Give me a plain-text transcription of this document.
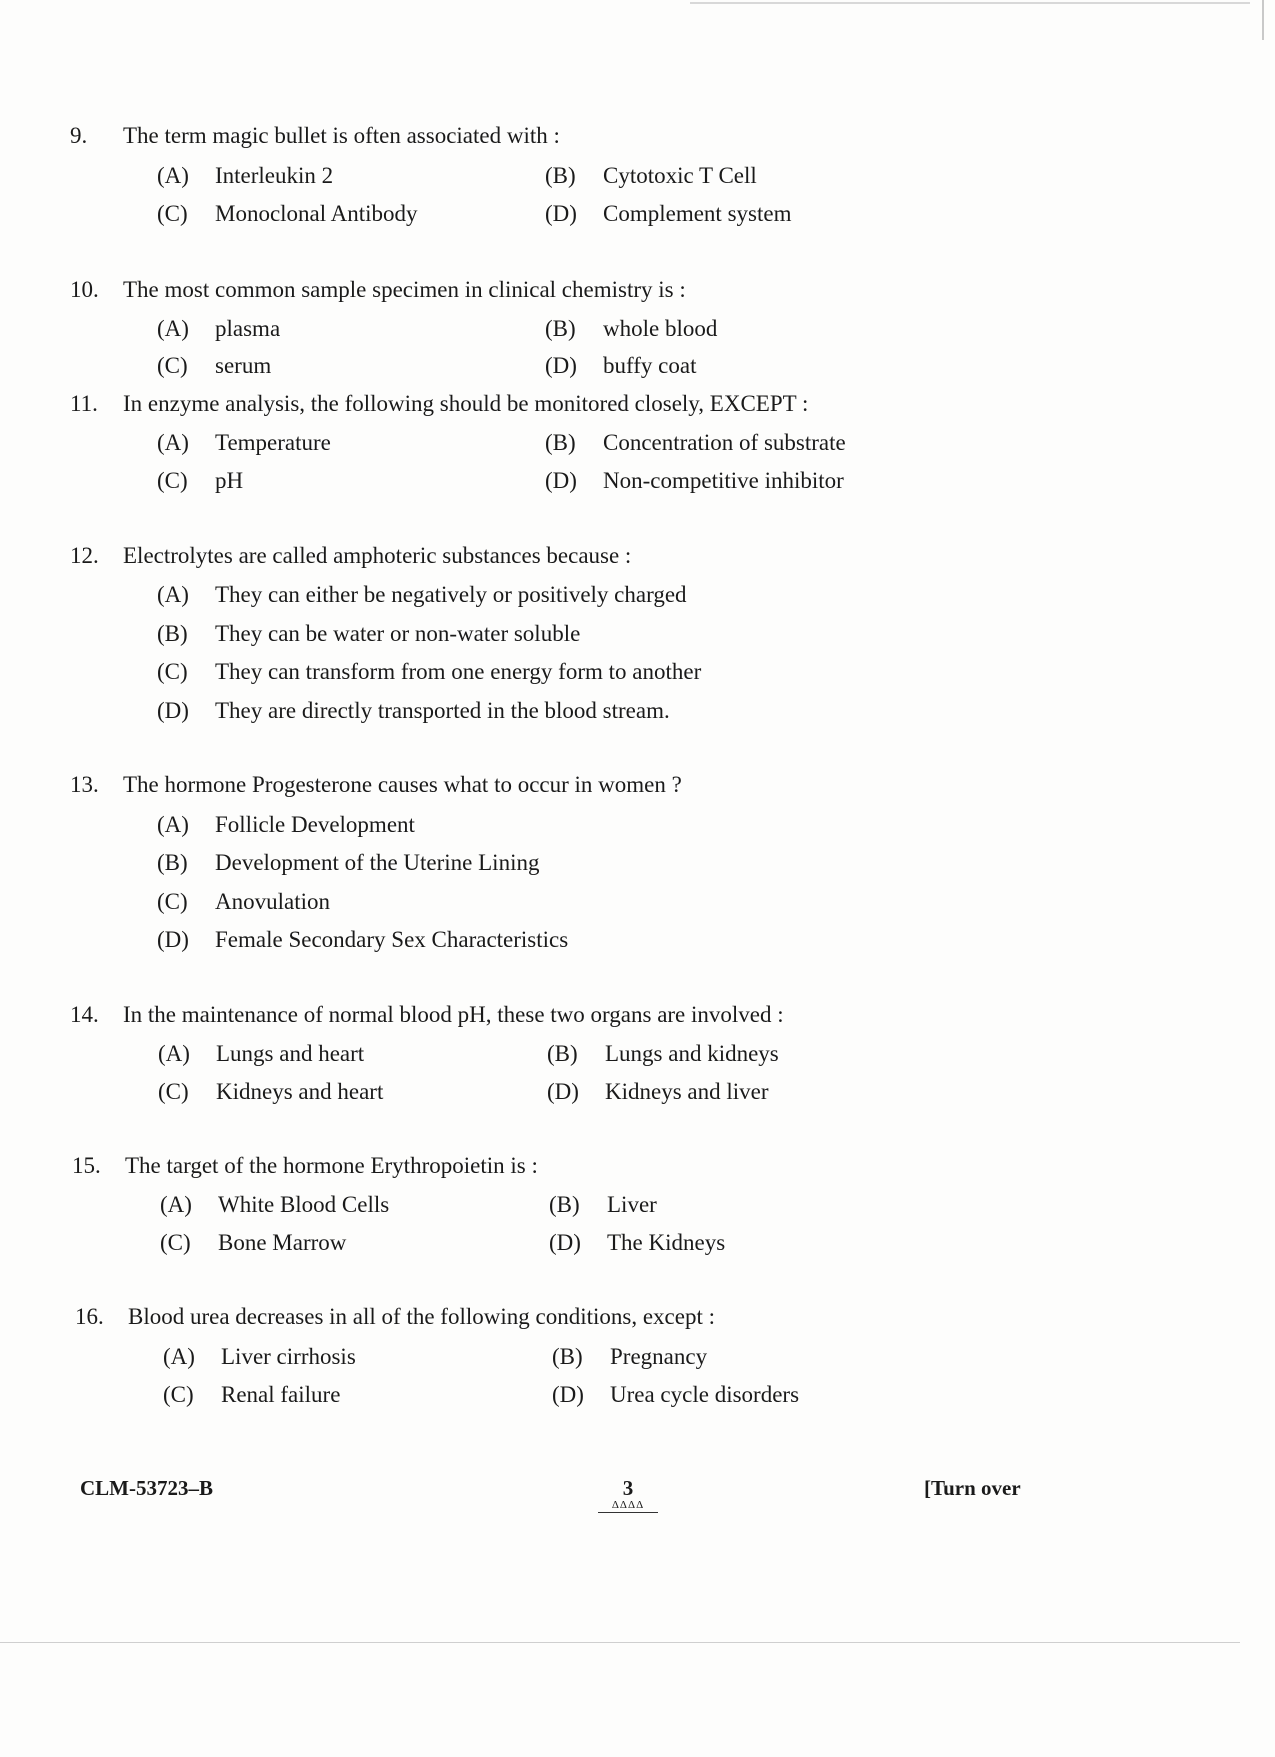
9. The term magic bullet is often associated with :
(A) Interleukin 2	(B) Cytotoxic T Cell
(C) Monoclonal Antibody	(D) Complement system
10. The most common sample specimen in clinical chemistry is :
(A) plasma	(B) whole blood
(C) serum	(D) buffy coat
11. In enzyme analysis, the following should be monitored closely, EXCEPT :
(A) Temperature	(B) Concentration of substrate
(C) pH	(D) Non-competitive inhibitor
12. Electrolytes are called amphoteric substances because :
(A) They can either be negatively or positively charged
(B) They can be water or non-water soluble
(C) They can transform from one energy form to another
(D) They are directly transported in the blood stream.
13. The hormone Progesterone causes what to occur in women ?
(A) Follicle Development
(B) Development of the Uterine Lining
(C) Anovulation
(D) Female Secondary Sex Characteristics
14. In the maintenance of normal blood pH, these two organs are involved :
(A) Lungs and heart	(B) Lungs and kidneys
(C) Kidneys and heart	(D) Kidneys and liver
15. The target of the hormone Erythropoietin is :
(A) White Blood Cells	(B) Liver
(C) Bone Marrow	(D) The Kidneys
16. Blood urea decreases in all of the following conditions, except :
(A) Liver cirrhosis	(B) Pregnancy
(C) Renal failure	(D) Urea cycle disorders
CLM-53723–B	3
ΔΔΔΔ
[Turn over
